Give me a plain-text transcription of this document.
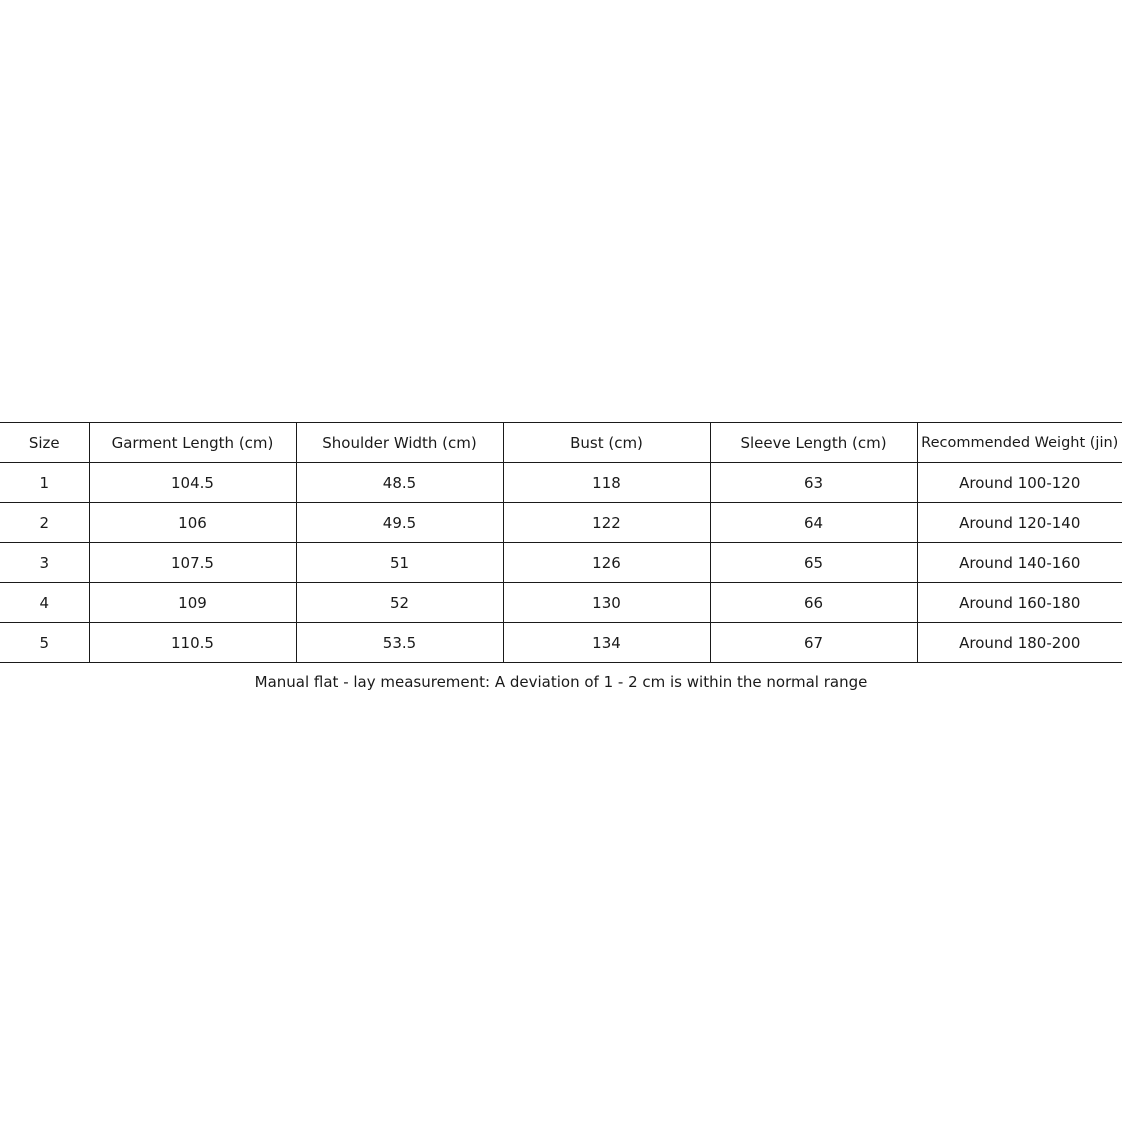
Size	Garment Length (cm)	Shoulder Width (cm)	Bust (cm)	Sleeve Length (cm)	Recommended Weight (jin)
1	104.5	48.5	118	63	Around 100-120
2	106	49.5	122	64	Around 120-140
3	107.5	51	126	65	Around 140-160
4	109	52	130	66	Around 160-180
5	110.5	53.5	134	67	Around 180-200
Manual flat - lay measurement: A deviation of 1 - 2 cm is within the normal range
